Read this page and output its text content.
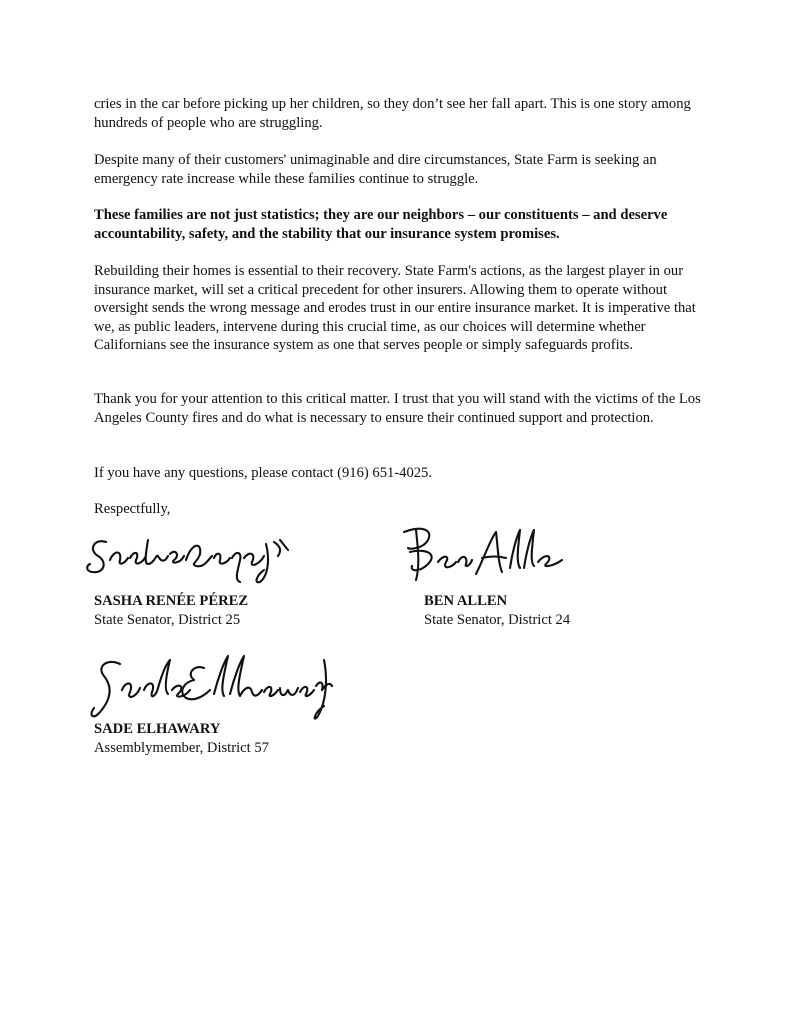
cries in the car before picking up her children, so they don’t see her fall apart. This is one story among hundreds of people who are struggling.

Despite many of their customers' unimaginable and dire circumstances, State Farm is seeking an emergency rate increase while these families continue to struggle.

These families are not just statistics; they are our neighbors – our constituents – and deserve accountability, safety, and the stability that our insurance system promises.

Rebuilding their homes is essential to their recovery. State Farm's actions, as the largest player in our insurance market, will set a critical precedent for other insurers. Allowing them to operate without oversight sends the wrong message and erodes trust in our entire insurance market. It is imperative that we, as public leaders, intervene during this crucial time, as our choices will determine whether Californians see the insurance system as one that serves people or simply safeguards profits.

Thank you for your attention to this critical matter. I trust that you will stand with the victims of the Los Angeles County fires and do what is necessary to ensure their continued support and protection.

If you have any questions, please contact (916) 651-4025.

Respectfully,

SASHA RENÉE PÉREZ
State Senator, District 25
BEN ALLEN
State Senator, District 24
SADE ELHAWARY
Assemblymember, District 57
